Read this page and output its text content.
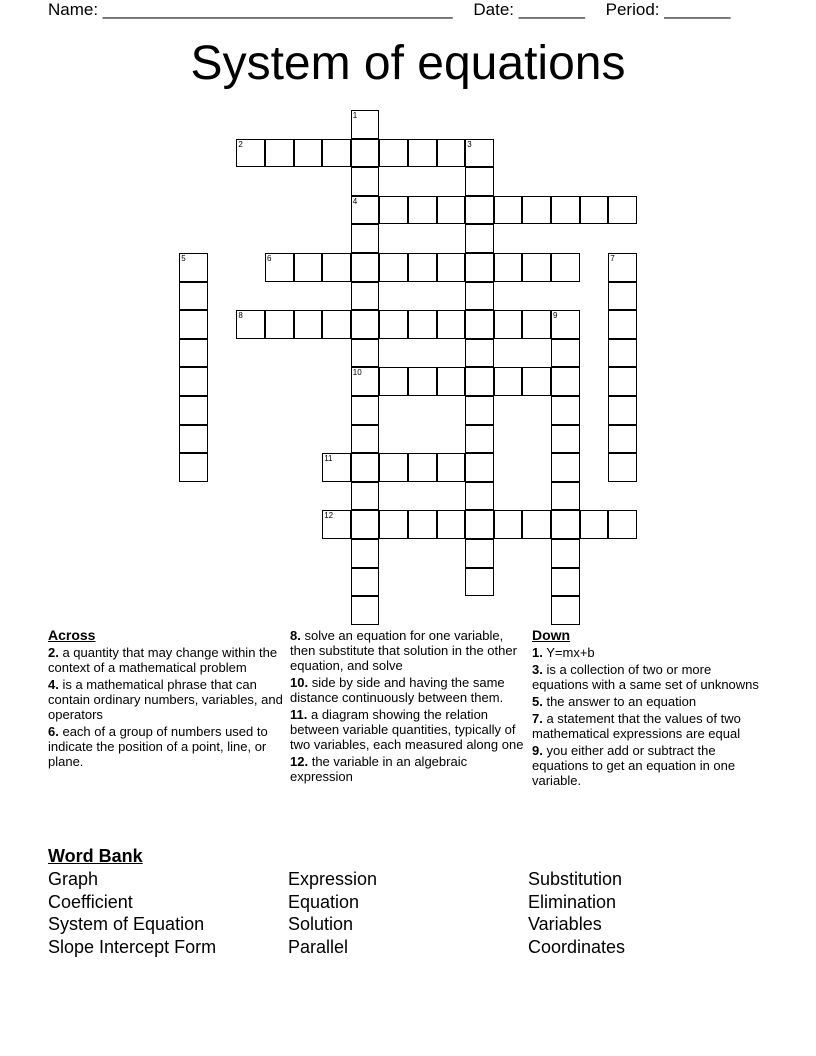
Name: _____________________________________ Date: _______ Period: _______
System of equations
1
4
10
2	3
5	6	7
8	9
11
12
Across
2. a quantity that may change within the context of a mathematical problem
4. is a mathematical phrase that can contain ordinary numbers, variables, and operators
6. each of a group of numbers used to indicate the position of a point, line, or plane.
8. solve an equation for one variable, then substitute that solution in the other equation, and solve
10. side by side and having the same distance continuously between them.
11. a diagram showing the relation between variable quantities, typically of two variables, each measured along one
12. the variable in an algebraic expression
Down
1. Y=mx+b
3. is a collection of two or more equations with a same set of unknowns
5. the answer to an equation
7. a statement that the values of two mathematical expressions are equal
9. you either add or subtract the equations to get an equation in one variable.
Word Bank
Graph
Coefficient
System of Equation
Slope Intercept Form
Expression
Equation
Solution
Parallel
Substitution
Elimination
Variables
Coordinates
